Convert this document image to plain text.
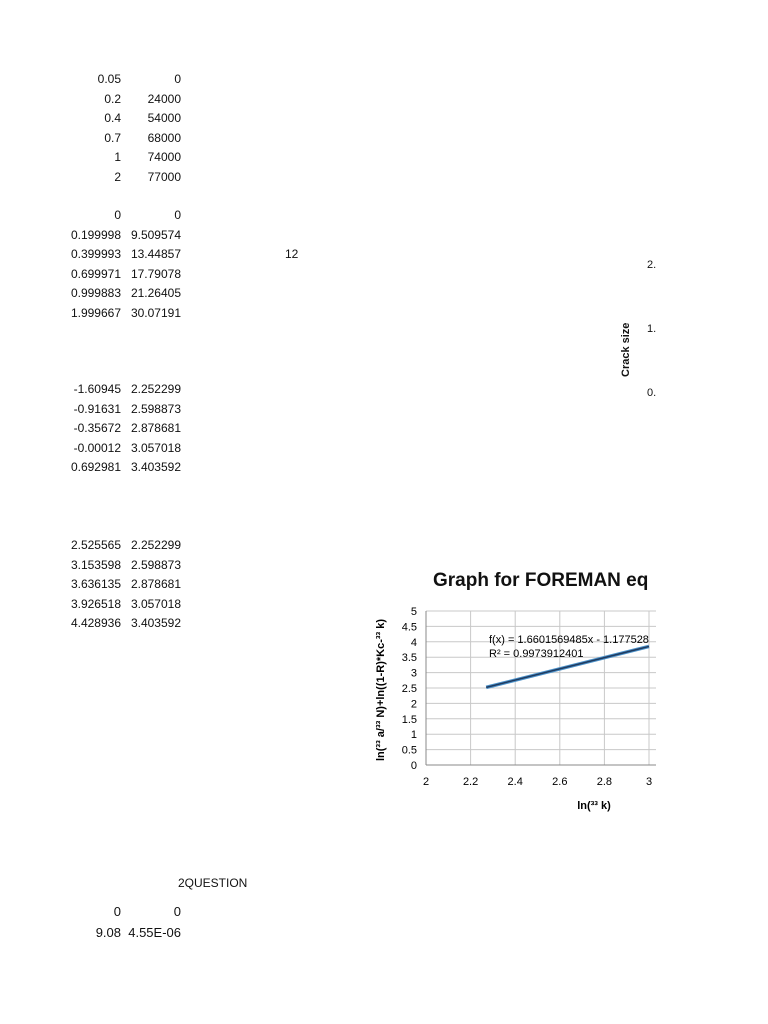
0.05	0
0.2	24000
0.4	54000
0.7	68000
1	74000
2	77000
0	0
0.199998 9.509574
0.399993 13.44857
0.699971 17.79078
0.999883 21.26405
1.999667 30.07191
-1.60945 2.252299
-0.91631 2.598873
-0.35672 2.878681
-0.00012 3.057018
0.692981 3.403592
2.525565 2.252299
3.153598 2.598873
3.636135 2.878681
3.926518 3.057018
4.428936 3.403592
0	0
9.08 4.55E-06
12
2QUESTION
Crack size
2.
1.
0.
Graph for FOREMAN eq
0
0.5
1
1.5
2
2.5
3
3.5
4
4.5
5
2	2.2	2.4	2.6	2.8	3
f(x) = 1.6601569485x - 1.177528
R² = 0.9973912401
ln(³³ k)
ln(³³ a/³³ N)+ln((1-R)*Kc-³³ k)
